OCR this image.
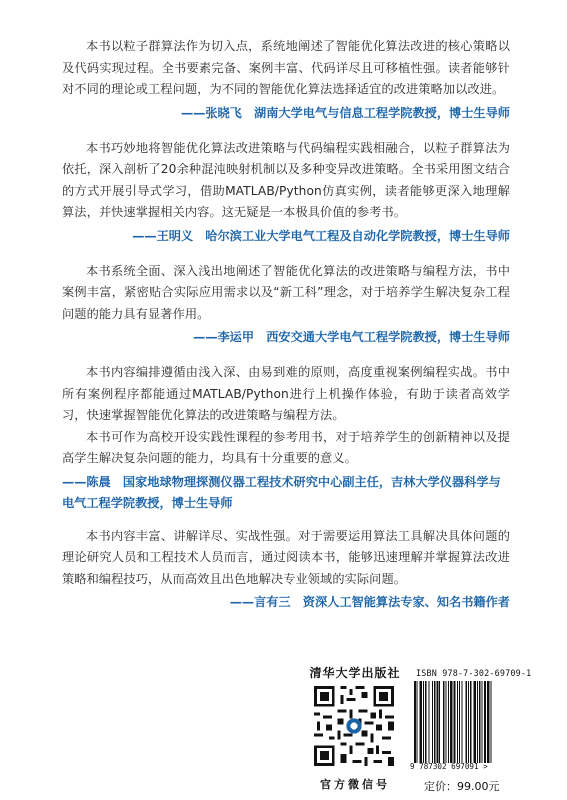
本书以粒子群算法作为切入点，系统地阐述了智能优化算法改进的核心策略以及代码实现过程。全书要素完备、案例丰富、代码详尽且可移植性强。读者能够针对不同的理论或工程问题，为不同的智能优化算法选择适宜的改进策略加以改进。

——张晓飞　湖南大学电气与信息工程学院教授，博士生导师

本书巧妙地将智能优化算法改进策略与代码编程实践相融合，以粒子群算法为依托，深入剖析了20余种混沌映射机制以及多种变异改进策略。全书采用图文结合的方式开展引导式学习，借助MATLAB/Python仿真实例，读者能够更深入地理解算法，并快速掌握相关内容。这无疑是一本极具价值的参考书。

——王明义　哈尔滨工业大学电气工程及自动化学院教授，博士生导师

本书系统全面、深入浅出地阐述了智能优化算法的改进策略与编程方法，书中案例丰富，紧密贴合实际应用需求以及“新工科”理念，对于培养学生解决复杂工程问题的能力具有显著作用。

——李运甲　西安交通大学电气工程学院教授，博士生导师

本书内容编排遵循由浅入深、由易到难的原则，高度重视案例编程实战。书中所有案例程序都能通过MATLAB/Python进行上机操作体验，有助于读者高效学习，快速掌握智能优化算法的改进策略与编程方法。

本书可作为高校开设实践性课程的参考用书，对于培养学生的创新精神以及提高学生解决复杂问题的能力，均具有十分重要的意义。

——陈晨　国家地球物理探测仪器工程技术研究中心副主任，吉林大学仪器科学与电气工程学院教授，博士生导师

本书内容丰富、讲解详尽、实战性强。对于需要运用算法工具解决具体问题的理论研究人员和工程技术人员而言，通过阅读本书，能够迅速理解并掌握算法改进策略和编程技巧，从而高效且出色地解决专业领域的实际问题。

——言有三　资深人工智能算法专家、知名书籍作者

清华大学出版社
官方微信号
ISBN 978-7-302-69709-1
9 787302 697091 >
定价：99.00元
